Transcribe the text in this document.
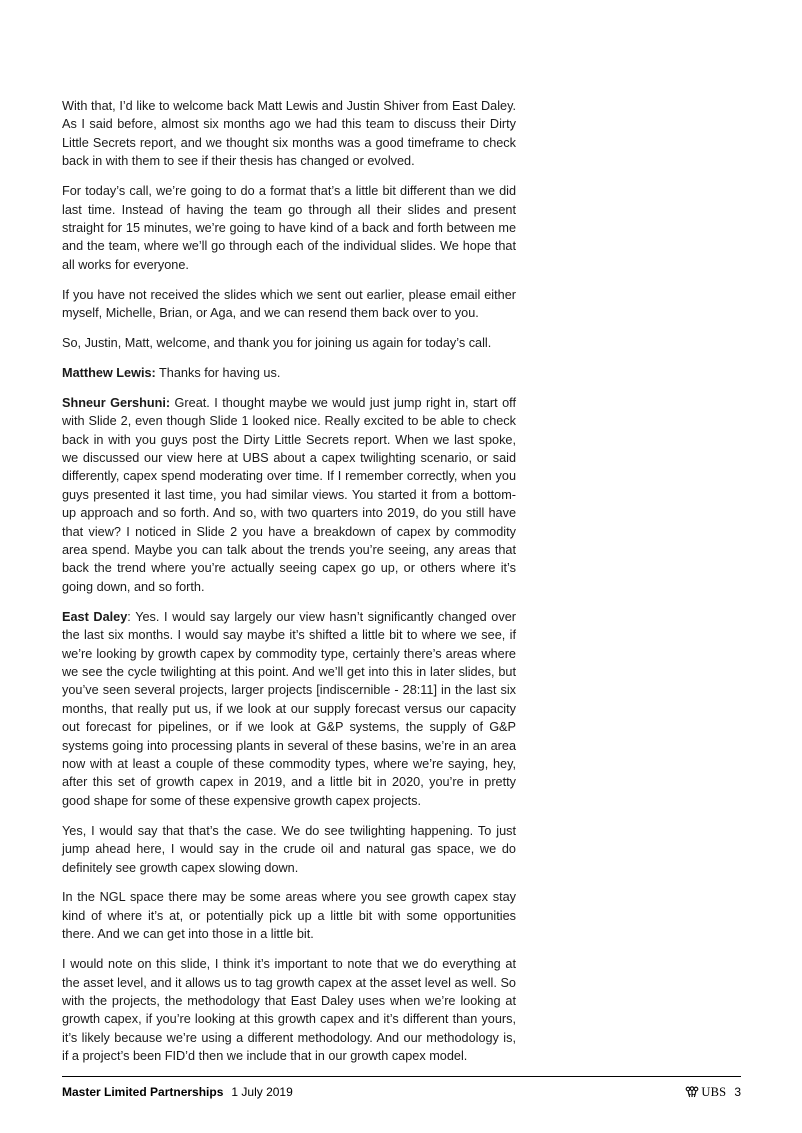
With that, I’d like to welcome back Matt Lewis and Justin Shiver from East Daley. As I said before, almost six months ago we had this team to discuss their Dirty Little Secrets report, and we thought six months was a good timeframe to check back in with them to see if their thesis has changed or evolved.

For today’s call, we’re going to do a format that’s a little bit different than we did last time. Instead of having the team go through all their slides and present straight for 15 minutes, we’re going to have kind of a back and forth between me and the team, where we’ll go through each of the individual slides. We hope that all works for everyone.

If you have not received the slides which we sent out earlier, please email either myself, Michelle, Brian, or Aga, and we can resend them back over to you.

So, Justin, Matt, welcome, and thank you for joining us again for today’s call.

Matthew Lewis: Thanks for having us.

Shneur Gershuni: Great. I thought maybe we would just jump right in, start off with Slide 2, even though Slide 1 looked nice. Really excited to be able to check back in with you guys post the Dirty Little Secrets report. When we last spoke, we discussed our view here at UBS about a capex twilighting scenario, or said differently, capex spend moderating over time. If I remember correctly, when you guys presented it last time, you had similar views. You started it from a bottom-up approach and so forth. And so, with two quarters into 2019, do you still have that view? I noticed in Slide 2 you have a breakdown of capex by commodity area spend. Maybe you can talk about the trends you’re seeing, any areas that back the trend where you’re actually seeing capex go up, or others where it’s going down, and so forth.

East Daley: Yes. I would say largely our view hasn’t significantly changed over the last six months. I would say maybe it’s shifted a little bit to where we see, if we’re looking by growth capex by commodity type, certainly there’s areas where we see the cycle twilighting at this point. And we’ll get into this in later slides, but you’ve seen several projects, larger projects [indiscernible - 28:11] in the last six months, that really put us, if we look at our supply forecast versus our capacity out forecast for pipelines, or if we look at G&P systems, the supply of G&P systems going into processing plants in several of these basins, we’re in an area now with at least a couple of these commodity types, where we’re saying, hey, after this set of growth capex in 2019, and a little bit in 2020, you’re in pretty good shape for some of these expensive growth capex projects.

Yes, I would say that that’s the case. We do see twilighting happening. To just jump ahead here, I would say in the crude oil and natural gas space, we do definitely see growth capex slowing down.

In the NGL space there may be some areas where you see growth capex stay kind of where it’s at, or potentially pick up a little bit with some opportunities there. And we can get into those in a little bit.

I would note on this slide, I think it’s important to note that we do everything at the asset level, and it allows us to tag growth capex at the asset level as well. So with the projects, the methodology that East Daley uses when we’re looking at growth capex, if you’re looking at this growth capex and it’s different than yours, it’s likely because we’re using a different methodology. And our methodology is, if a project’s been FID’d then we include that in our growth capex model.

Master Limited Partnerships 1 July 2019	UBS 3
